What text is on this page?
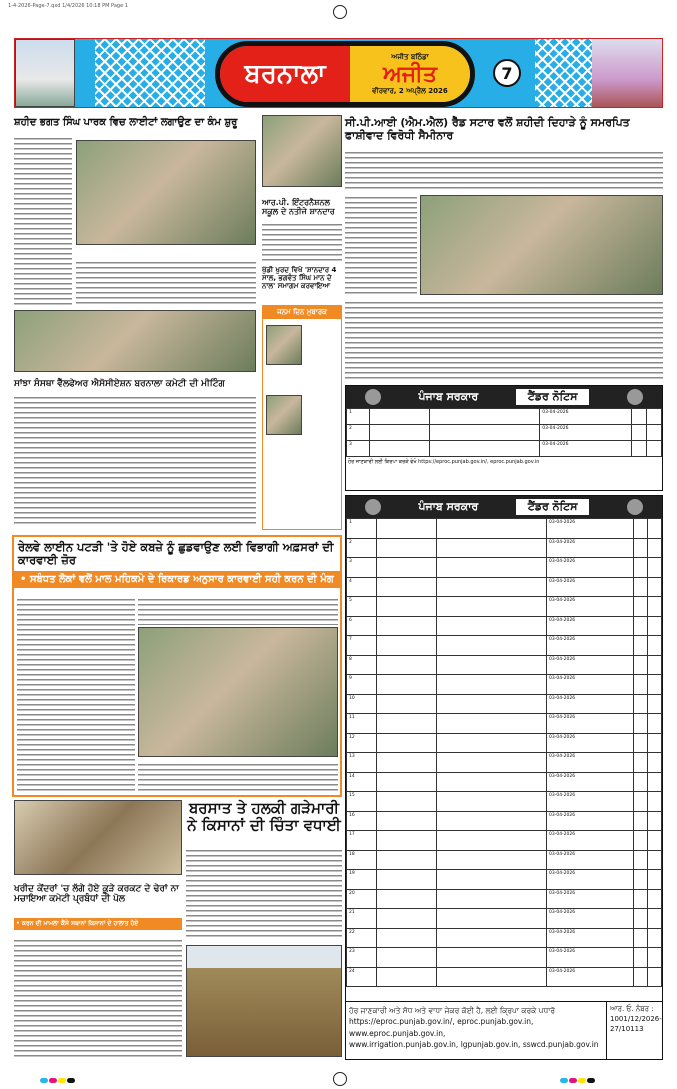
1-4-2026-Page-7.qxd 1/4/2026 10:18 PM Page 1
ਬਰਨਾਲਾ
ਅਜੀਤ ਬਠਿੰਡਾ
ਅਜੀਤ
ਵੀਰਵਾਰ, 2 ਅਪ੍ਰੈਲ 2026
7
ਸ਼ਹੀਦ ਭਗਤ ਸਿੰਘ ਪਾਰਕ ਵਿਚ ਲਾਈਟਾਂ ਲਗਾਉਣ ਦਾ ਕੰਮ ਸ਼ੁਰੂ
ਆਰ.ਪੀ. ਇੰਟਰਨੈਸ਼ਨਲ ਸਕੂਲ ਦੇ ਨਤੀਜੇ ਸ਼ਾਨਦਾਰ
ਖੁੱਡੀ ਖੁਰਦ ਵਿਖੇ 'ਸ਼ਾਨਦਾਰ 4 ਸਾਲ, ਭਗਵੰਤ ਸਿੰਘ ਮਾਨ ਦੇ ਨਾਲ' ਸਮਾਗਮ ਕਰਵਾਇਆ
ਸੀ.ਪੀ.ਆਈ (ਐਮ.ਐਲ) ਰੈੱਡ ਸਟਾਰ ਵਲੋਂ ਸ਼ਹੀਦੀ ਦਿਹਾੜੇ ਨੂੰ ਸਮਰਪਿਤ ਫਾਸ਼ੀਵਾਦ ਵਿਰੋਧੀ ਸੈਮੀਨਾਰ
ਸਾਂਝਾ ਸੰਸਥਾ ਵੈੱਲਫੇਅਰ ਐਸੋਸੀਏਸ਼ਨ ਬਰਨਾਲਾ ਕਮੇਟੀ ਦੀ ਮੀਟਿੰਗ
ਜਨਮ ਦਿਨ ਮੁਬਾਰਕ
ਪੰਜਾਬ ਸਰਕਾਰ	ਟੈਂਡਰ ਨੋਟਿਸ
1			03-04-2026		
2			03-04-2026		
3			03-04-2026		
ਹੋਰ ਜਾਣਕਾਰੀ ਲਈ ਕਿਰਪਾ ਕਰਕੇ ਵੇਖੋ https://eproc.punjab.gov.in/, eproc.punjab.gov.in
ਪੰਜਾਬ ਸਰਕਾਰ	ਟੈਂਡਰ ਨੋਟਿਸ
1			03-04-2026		
2			03-04-2026		
3			03-04-2026		
4			03-04-2026		
5			03-04-2026		
6			03-04-2026		
7			03-04-2026		
8			03-04-2026		
9			03-04-2026		
10			03-04-2026		
11			03-04-2026		
12			03-04-2026		
13			03-04-2026		
14			03-04-2026		
15			03-04-2026		
16			03-04-2026		
17			03-04-2026		
18			03-04-2026		
19			03-04-2026		
20			03-04-2026		
21			03-04-2026		
22			03-04-2026		
23			03-04-2026		
24			03-04-2026		
ਹੋਰ ਜਾਣਕਾਰੀ ਅਤੇ ਸੋਧ ਅਤੇ ਵਾਧਾ ਜੇਕਰ ਕੋਈ ਹੈ, ਲਈ ਕ੍ਰਿਪਾ ਕਰਕੇ ਪਧਾਰੋ
https://eproc.punjab.gov.in/, eproc.punjab.gov.in, www.eproc.punjab.gov.in,
www.irrigation.punjab.gov.in, lgpunjab.gov.in, sswcd.punjab.gov.in
ਆਰ. ਓ. ਨੰਬਰ :
1001/12/2026-27/10113
ਰੇਲਵੇ ਲਾਈਨ ਪਟੜੀ 'ਤੇ ਹੋਏ ਕਬਜ਼ੇ ਨੂੰ ਛੁਡਵਾਉਣ ਲਈ ਵਿਭਾਗੀ ਅਫ਼ਸਰਾਂ ਦੀ ਕਾਰਵਾਈ ਜ਼ੋਰ
• ਸਬੰਧਤ ਲੋਕਾਂ ਵਲੋਂ ਮਾਲ ਮਹਿਕਮੇ ਦੇ ਰਿਕਾਰਡ ਅਨੁਸਾਰ ਕਾਰਵਾਈ ਸਹੀ ਕਰਨ ਦੀ ਮੰਗ
ਖਰੀਦ ਕੇਂਦਰਾਂ 'ਚ ਲੱਗੇ ਹੋਏ ਕੂੜੇ ਕਰਕਟ ਦੇ ਢੇਰਾਂ ਨਾ ਮਚਾਇਆ ਕਮੇਟੀ ਪ੍ਰਬੰਧਾਂ ਦੀ ਪੋਲ
• ਕਰਨ ਦੀ ਮਾਮਲਾ ਕੈਂਸੇ ਸਥਾਨਾਂ ਕਿਸਾਨਾਂ ਦੇ ਹਾਲਾਤ ਹੋਏ
ਬਰਸਾਤ ਤੇ ਹਲਕੀ ਗੜੇਮਾਰੀ ਨੇ ਕਿਸਾਨਾਂ ਦੀ ਚਿੰਤਾ ਵਧਾਈ
